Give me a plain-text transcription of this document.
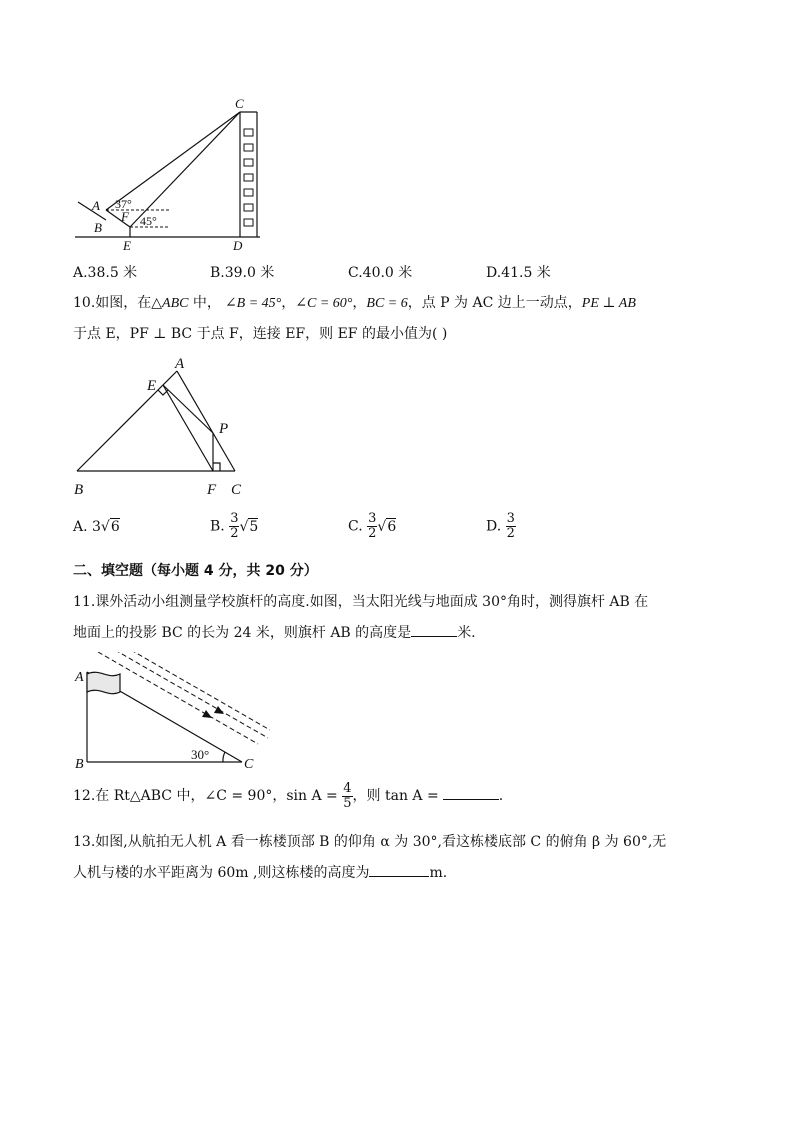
C
A
F
B
E	D
37°
45°
A.38.5 米	B.39.0 米	C.40.0 米	D.41.5 米
10.如图，在△ABC 中， ∠B = 45°，∠C = 60°，BC = 6，点 P 为 AC 边上一动点，PE ⊥ AB
于点 E，PF ⊥ BC 于点 F，连接 EF，则 EF 的最小值为( )
A
E
P
B	F C
A. 3√6	B. $\frac{3}{2} √5$	C. $\frac{3}{2} √6$	D. $\frac{3}{2}$
二、填空题（每小题 4 分，共 20 分）
11.课外活动小组测量学校旗杆的高度.如图，当太阳光线与地面成 30°角时，测得旗杆 AB 在
地面上的投影 BC 的长为 24 米，则旗杆 AB 的高度是	米.
A
B	C
30°
12.在 Rt△ABC 中，∠C = 90°，$\sin A = \frac{4}{5}$ ，则 tan A =	.
13.如图,从航拍无人机 A 看一栋楼顶部 B 的仰角 α 为 30°,看这栋楼底部 C 的俯角 β 为 60°,无
人机与楼的水平距离为 60m ,则这栋楼的高度为	m.
